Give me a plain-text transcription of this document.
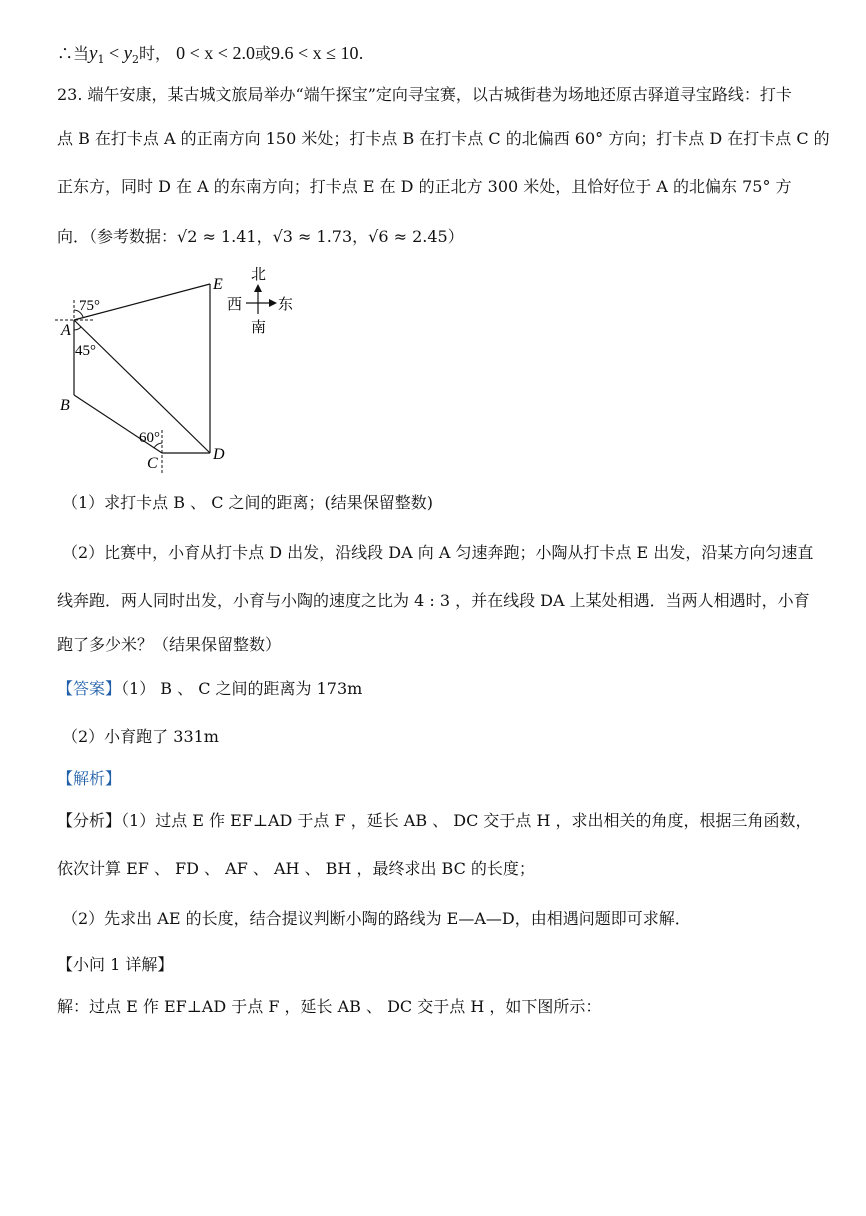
∴当$y_1 < y_2$时， 0 < x < 2.0或9.6 < x ≤ 10.
23. 端午安康，某古城文旅局举办“端午探宝”定向寻宝赛，以古城街巷为场地还原古驿道寻宝路线：打卡
点 B 在打卡点 A 的正南方向 150 米处；打卡点 B 在打卡点 C 的北偏西 60° 方向；打卡点 D 在打卡点 C 的
正东方，同时 D 在 A 的东南方向；打卡点 E 在 D 的正北方 300 米处，且恰好位于 A 的北偏东 75° 方
向．（参考数据：√2 ≈ 1.41，√3 ≈ 1.73，√6 ≈ 2.45）
A
B
C
D
E
75°
45°
60°
北
西 东
南
（1）求打卡点 B 、 C 之间的距离；(结果保留整数)
（2）比赛中，小育从打卡点 D 出发，沿线段 DA 向 A 匀速奔跑；小陶从打卡点 E 出发，沿某方向匀速直
线奔跑．两人同时出发，小育与小陶的速度之比为 4 : 3 ，并在线段 DA 上某处相遇．当两人相遇时，小育
跑了多少米？（结果保留整数）
【答案】（1） B 、 C 之间的距离为 173m
（2）小育跑了 331m
【解析】
【分析】（1）过点 E 作 EF⊥AD 于点 F ，延长 AB 、 DC 交于点 H ，求出相关的角度，根据三角函数，
依次计算 EF 、 FD 、 AF 、 AH 、 BH ，最终求出 BC 的长度；
（2）先求出 AE 的长度，结合提议判断小陶的路线为 E—A—D，由相遇问题即可求解．
【小问 1 详解】
解：过点 E 作 EF⊥AD 于点 F ，延长 AB 、 DC 交于点 H ，如下图所示：
